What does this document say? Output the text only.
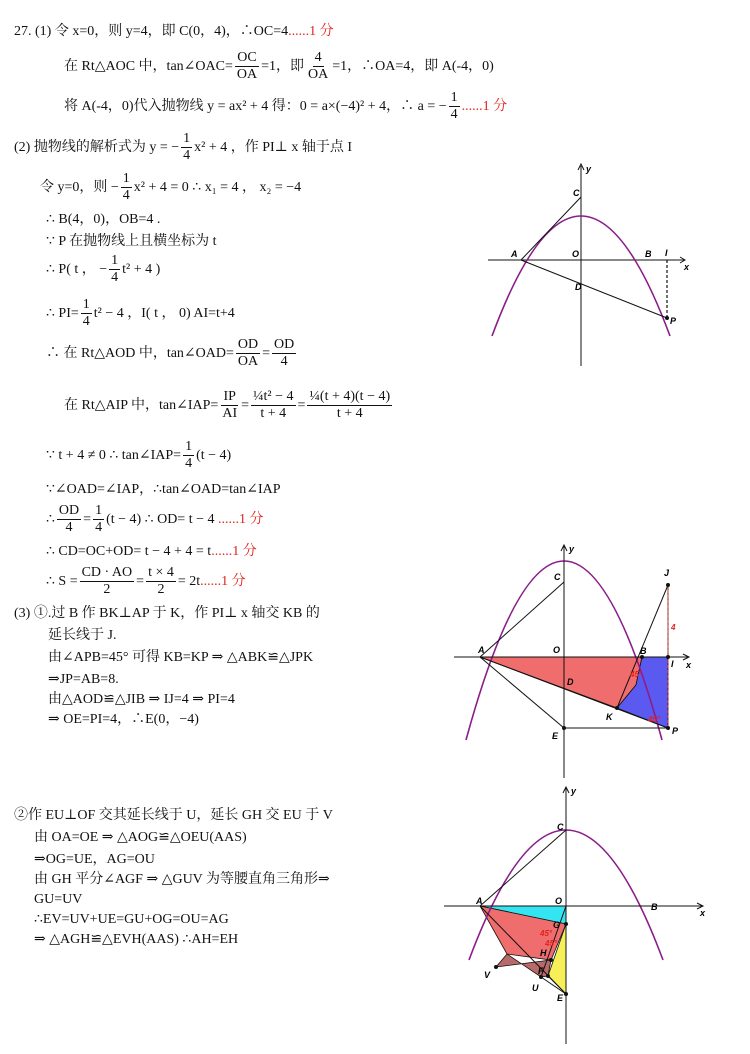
27. (1) 令 x=0，则 y=4，即 C(0，4)，∴OC=4......1 分
在 Rt△AOC 中，tan∠OAC= $\frac{OC}{OA} =1$，即 $\frac{4}{OA} =1$，∴OA=4，即 A(-4，0)
将 A(-4，0)代入抛物线 y = ax² + 4 得：0 = a×(−4)² + 4，∴ a = − $\frac{1}{4} ......1$ 分
(2) 抛物线的解析式为 y = − $\frac{1}{4} x^2 + 4$ ，作 PI⊥ x 轴于点 I
令 y=0，则 − $\frac{1}{4} x^2 + 4 = 0$ ∴ x₁ = 4 ， x₂ = −4
∴ B(4，0)，OB=4 .
∵ P 在抛物线上且横坐标为 t
∴ P( t ， − $\frac{1}{4} t^2 + 4$ )
∴ $PI= \frac{1}{4} t^2 - 4$ ，I( t ， 0) AI=t+4
∴ 在 Rt△AOD 中，tan∠OAD= $\frac{OD}{OA} = \frac{OD}{4}$
在 Rt△AIP 中，tan∠IAP= $\frac{IP}{AI} = \frac{\text{¼t² − 4}}{t + 4} = \frac{\text{¼(t + 4)(t − 4)}}{t + 4}$
∵ t + 4 ≠ 0 ∴ tan∠IAP= $\frac{1}{4} (t - 4)$
∵∠OAD=∠IAP，∴tan∠OAD=tan∠IAP
∴ $\frac{OD}{4} = \frac{1}{4} (t - 4)$ ∴ OD= t − 4 ......1 分
∴ CD=OC+OD= t − 4 + 4 = t......1 分
∴ $S = \frac{CD \cdot AO}{2} = \frac{t \times 4}{2} = 2t......1$ 分
(3) ①.过 B 作 BK⊥AP 于 K，作 PI⊥ x 轴交 KB 的
延长线于 J.
由∠APB=45° 可得 KB=KP ⇒ △ABK≌△JPK
⇒JP=AB=8.
由△AOD≌△JIB ⇒ IJ=4 ⇒ PI=4
⇒ OE=PI=4，∴E(0，−4)
②作 EU⊥OF 交其延长线于 U，延长 GH 交 EU 于 V
由 OA=OE ⇒ △AOG≌△OEU(AAS)
⇒OG=UE，AG=OU
由 GH 平分∠AGF ⇒ △GUV 为等腰直角三角形⇒
GU=UV
∴EV=UV+UE=GU+OG=OU=AG
⇒ △AGH≌△EVH(AAS) ∴AH=EH
y
x
C
A	O	B I
D
P
y
x
C	J
A	O	B
I
D
K
E	P
4
45°
45°
y
x
C
A	O
B
G
H
F
V
U
E
45°
45°
